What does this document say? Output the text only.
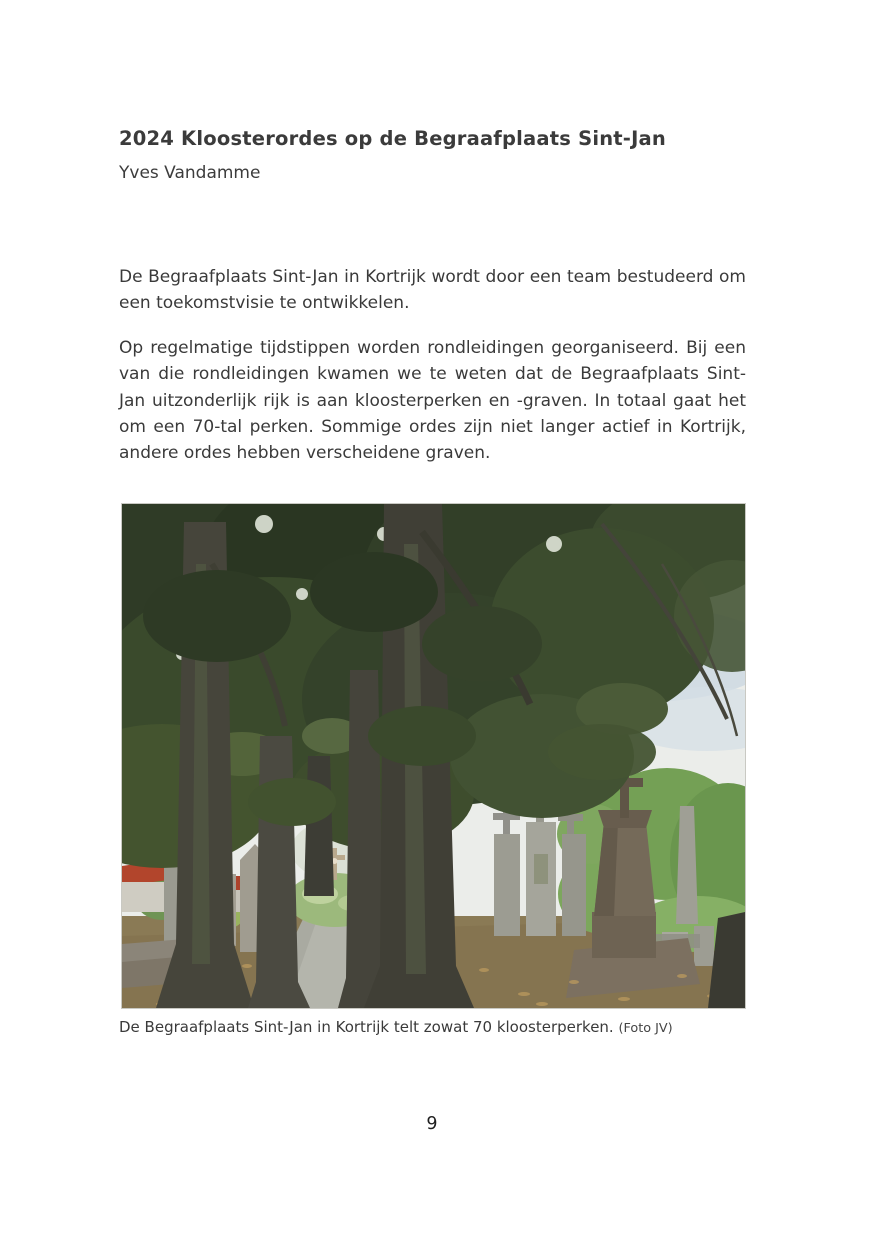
2024 Kloosterordes op de Begraafplaats Sint-Jan
Yves Vandamme

De Begraafplaats Sint-Jan in Kortrijk wordt door een team bestudeerd om een toekomstvisie te ontwikkelen.

Op regelmatige tijdstippen worden rondleidingen georganiseerd. Bij een van die rondleidingen kwamen we te weten dat de Begraafplaats Sint-Jan uitzonderlijk rijk is aan kloosterperken en -graven. In totaal gaat het om een 70-tal perken. Sommige ordes zijn niet langer actief in Kortrijk, andere ordes hebben verscheidene graven.

De Begraafplaats Sint-Jan in Kortrijk telt zowat 70 kloosterperken. (Foto JV)
9
